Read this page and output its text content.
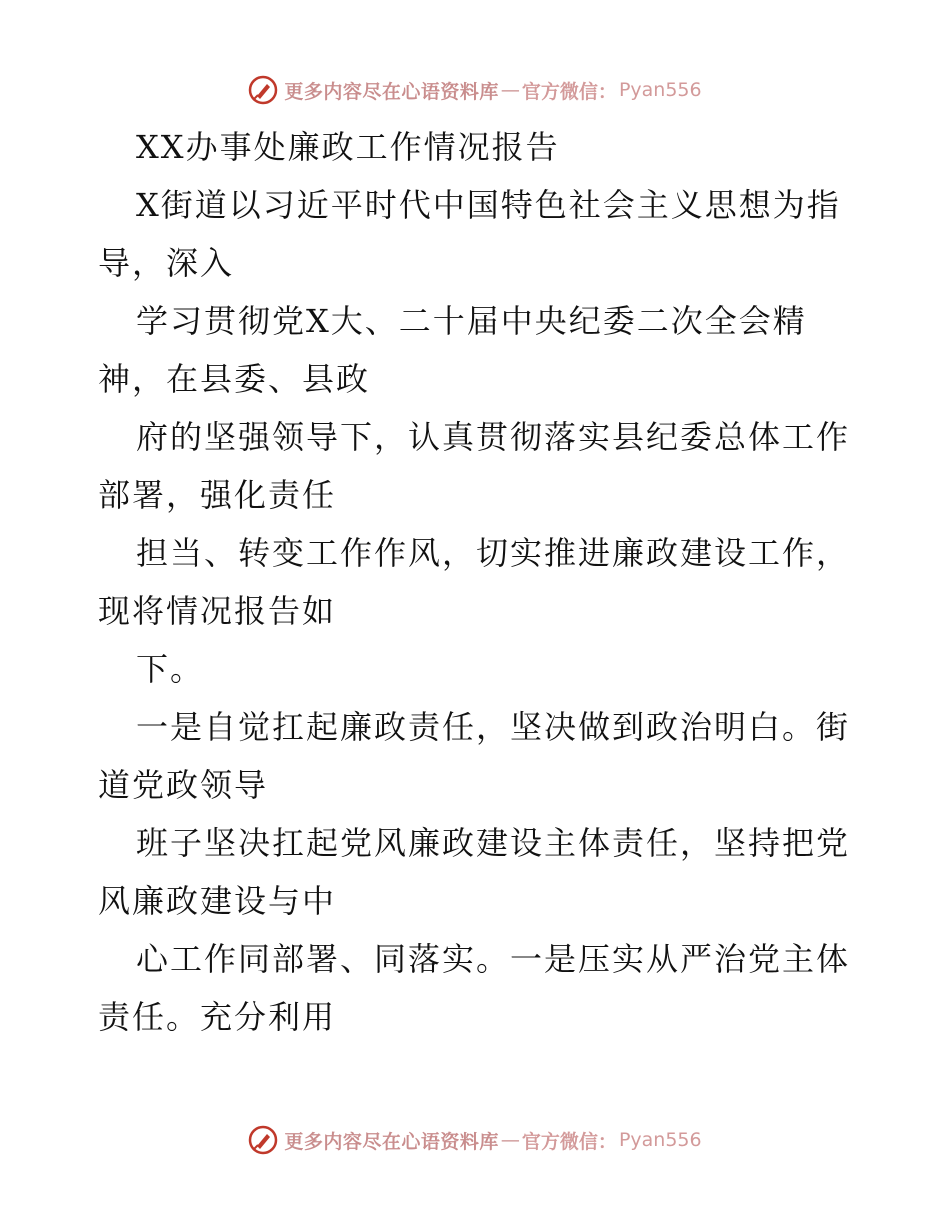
更多内容尽在心语资料库 — 官方微信： Pyan556
XX办事处廉政工作情况报告
X街道以习近平时代中国特色社会主义思想为指
导，深入
学习贯彻党X大、二十届中央纪委二次全会精
神，在县委、县政
府的坚强领导下，认真贯彻落实县纪委总体工作
部署，强化责任
担当、转变工作作风，切实推进廉政建设工作，
现将情况报告如
下。
一是自觉扛起廉政责任，坚决做到政治明白。街
道党政领导
班子坚决扛起党风廉政建设主体责任，坚持把党
风廉政建设与中
心工作同部署、同落实。一是压实从严治党主体
责任。充分利用
更多内容尽在心语资料库 — 官方微信： Pyan556
